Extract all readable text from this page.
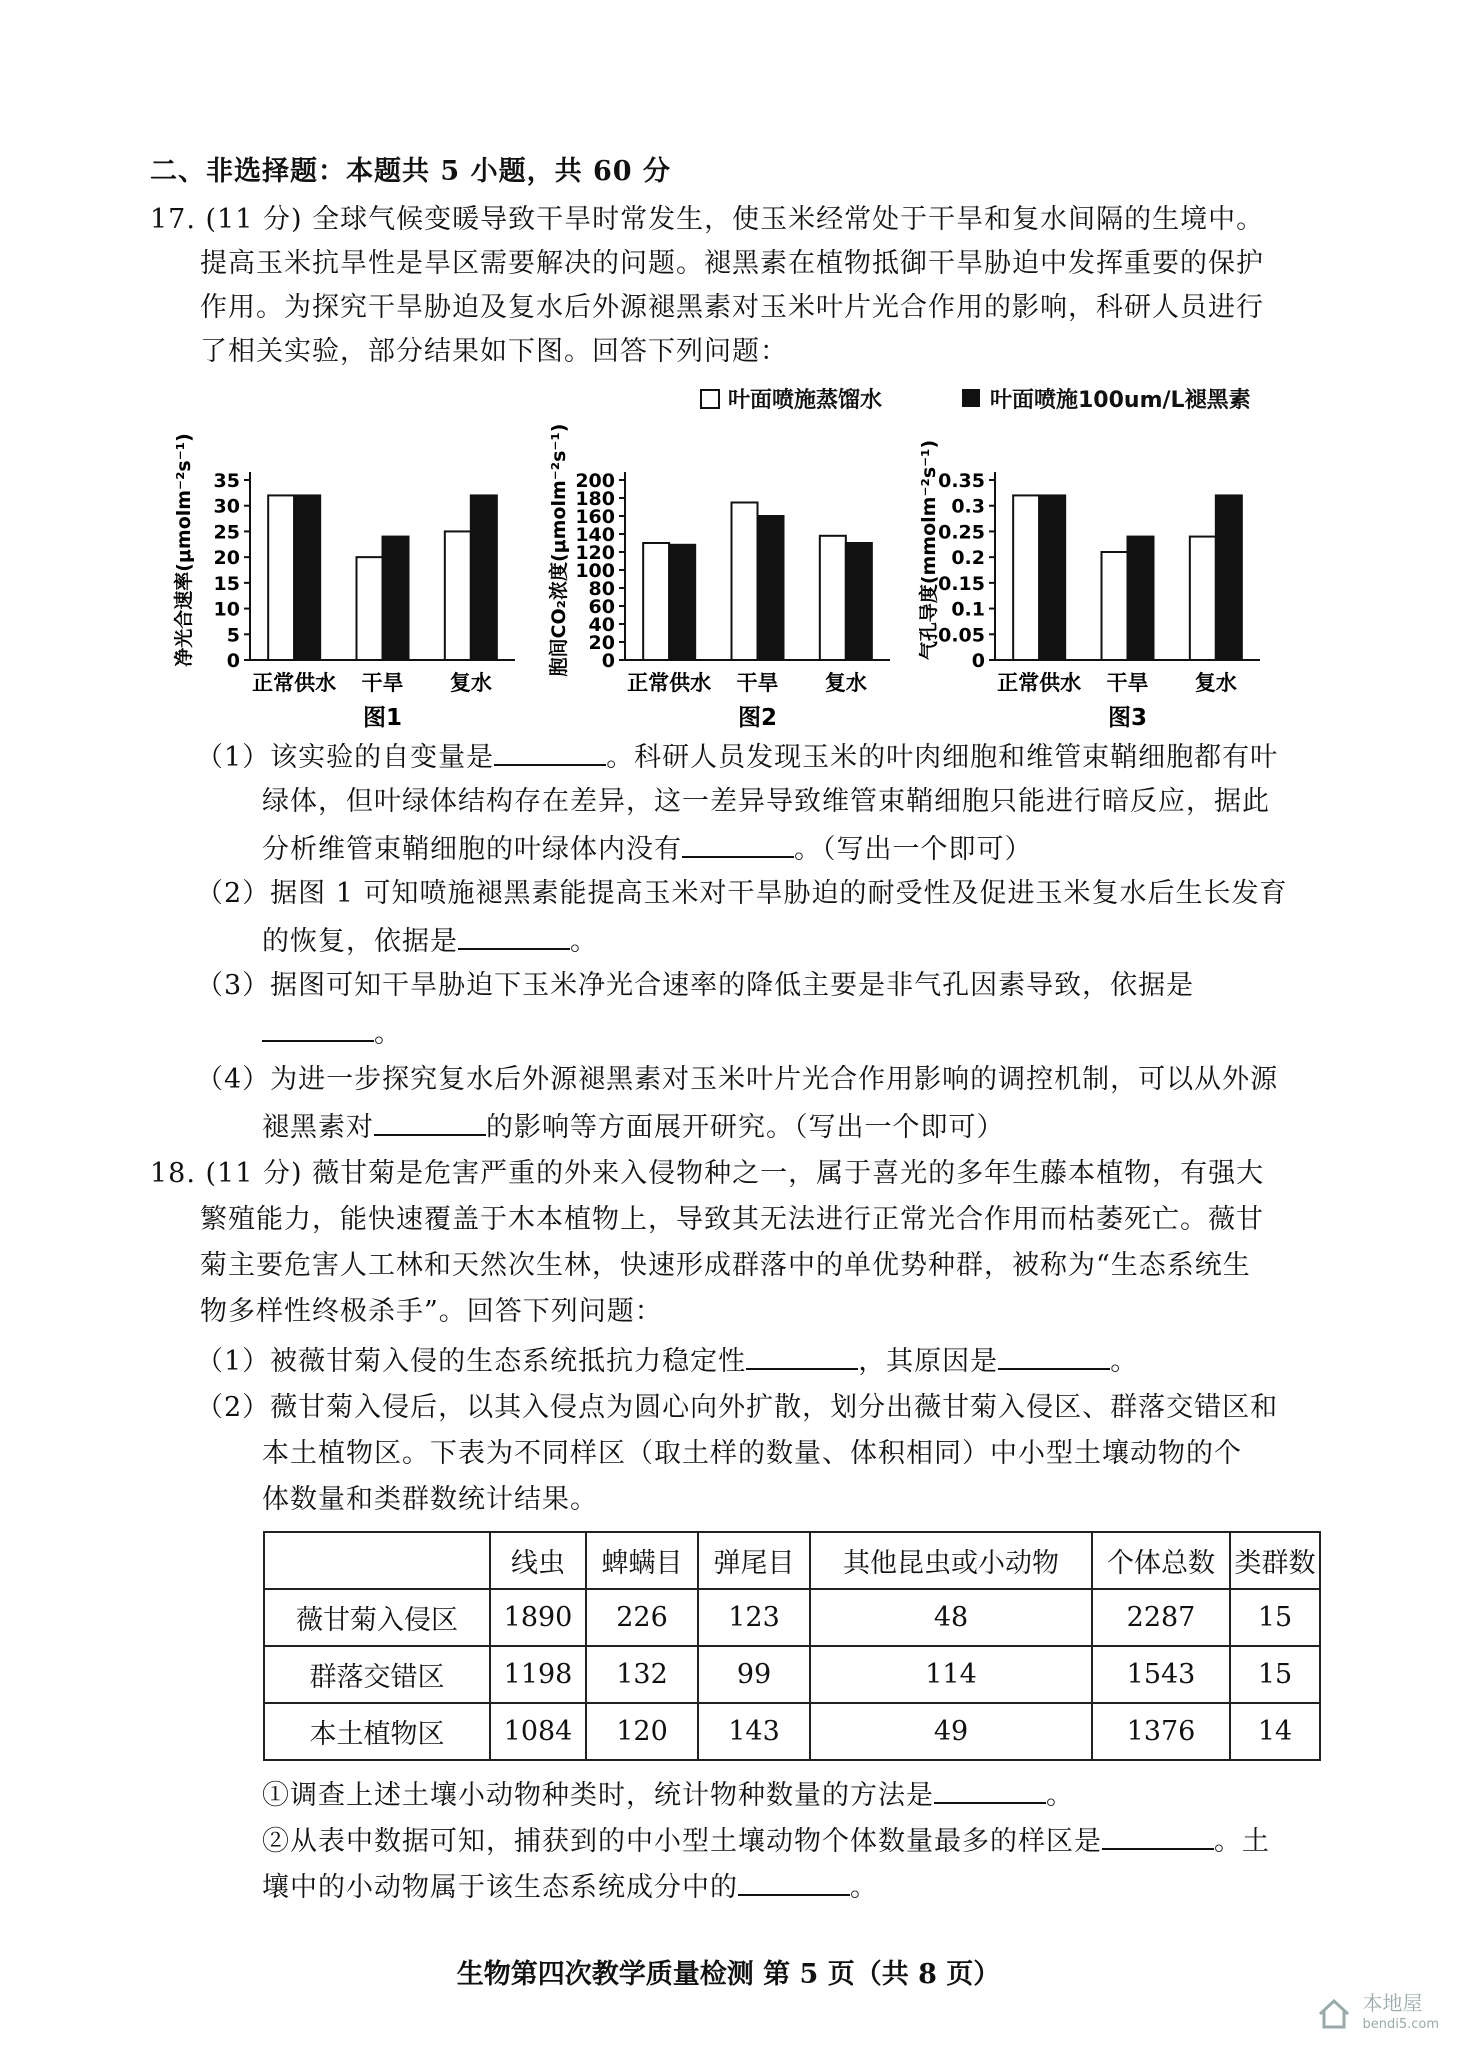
二、非选择题：本题共 5 小题，共 60 分
17. (11 分) 全球气候变暖导致干旱时常发生，使玉米经常处于干旱和复水间隔的生境中。
提高玉米抗旱性是旱区需要解决的问题。褪黑素在植物抵御干旱胁迫中发挥重要的保护
作用。为探究干旱胁迫及复水后外源褪黑素对玉米叶片光合作用的影响，科研人员进行
了相关实验，部分结果如下图。回答下列问题：
叶面喷施蒸馏水	叶面喷施100um/L褪黑素
0
5
10
15
20
25
30
35
净光合速率(μmolm⁻²s⁻¹)
正常供水 干旱 复水
图1
0
20
40
60
80
100
120
140
160
180
200
胞间CO₂浓度(μmolm⁻²s⁻¹)
正常供水 干旱 复水
图2
0
0.05
0.1
0.15
0.2
0.25
0.3
0.35
气孔导度(mmolm⁻²s⁻¹)
正常供水 干旱 复水
图3
（1）该实验的自变量是	。科研人员发现玉米的叶肉细胞和维管束鞘细胞都有叶
绿体，但叶绿体结构存在差异，这一差异导致维管束鞘细胞只能进行暗反应，据此
分析维管束鞘细胞的叶绿体内没有	。（写出一个即可）
（2）据图 1 可知喷施褪黑素能提高玉米对干旱胁迫的耐受性及促进玉米复水后生长发育
的恢复，依据是	。
（3）据图可知干旱胁迫下玉米净光合速率的降低主要是非气孔因素导致，依据是
。
（4）为进一步探究复水后外源褪黑素对玉米叶片光合作用影响的调控机制，可以从外源
褪黑素对	的影响等方面展开研究。（写出一个即可）
18. (11 分) 薇甘菊是危害严重的外来入侵物种之一，属于喜光的多年生藤本植物，有强大
繁殖能力，能快速覆盖于木本植物上，导致其无法进行正常光合作用而枯萎死亡。薇甘
菊主要危害人工林和天然次生林，快速形成群落中的单优势种群，被称为“生态系统生
物多样性终极杀手”。回答下列问题：
（1）被薇甘菊入侵的生态系统抵抗力稳定性	，其原因是	。
（2）薇甘菊入侵后，以其入侵点为圆心向外扩散，划分出薇甘菊入侵区、群落交错区和
本土植物区。下表为不同样区（取土样的数量、体积相同）中小型土壤动物的个
体数量和类群数统计结果。
	线虫	蜱螨目	弹尾目	其他昆虫或小动物	个体总数	类群数
薇甘菊入侵区	1890	226	123	48	2287	15
群落交错区	1198	132	99	114	1543	15
本土植物区	1084	120	143	49	1376	14
①调查上述土壤小动物种类时，统计物种数量的方法是	。
②从表中数据可知，捕获到的中小型土壤动物个体数量最多的样区是	。土
壤中的小动物属于该生态系统成分中的	。
生物第四次教学质量检测 第 5 页（共 8 页）
本地屋
bendi5.com
